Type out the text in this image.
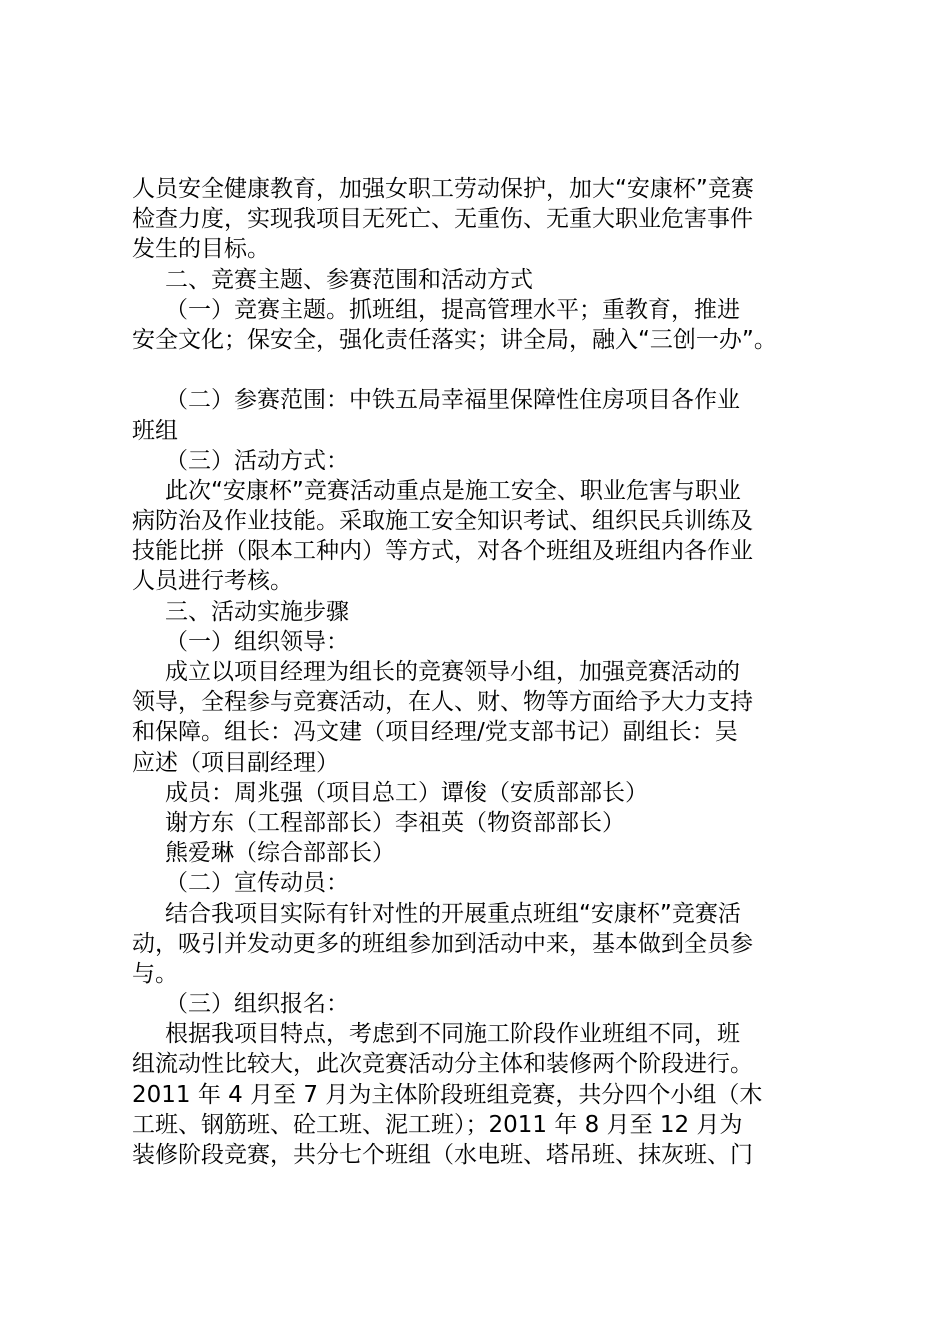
人员安全健康教育，加强女职工劳动保护，加大“安康杯”竞赛
检查力度，实现我项目无死亡、无重伤、无重大职业危害事件
发生的目标。
二、竞赛主题、参赛范围和活动方式
（一）竞赛主题。抓班组，提高管理水平；重教育，推进
安全文化；保安全，强化责任落实；讲全局，融入“三创一办”。
（二）参赛范围：中铁五局幸福里保障性住房项目各作业
班组
（三）活动方式：
此次“安康杯”竞赛活动重点是施工安全、职业危害与职业
病防治及作业技能。采取施工安全知识考试、组织民兵训练及
技能比拼（限本工种内）等方式，对各个班组及班组内各作业
人员进行考核。
三、活动实施步骤
（一）组织领导：
成立以项目经理为组长的竞赛领导小组，加强竞赛活动的
领导，全程参与竞赛活动，在人、财、物等方面给予大力支持
和保障。组长：冯文建（项目经理/党支部书记）副组长：吴
应述（项目副经理）
成员：周兆强（项目总工）谭俊（安质部部长）
谢方东（工程部部长）李祖英（物资部部长）
熊爱琳（综合部部长）
（二）宣传动员：
结合我项目实际有针对性的开展重点班组“安康杯”竞赛活
动，吸引并发动更多的班组参加到活动中来，基本做到全员参
与。
（三）组织报名：
根据我项目特点，考虑到不同施工阶段作业班组不同，班
组流动性比较大，此次竞赛活动分主体和装修两个阶段进行。
2011 年 4 月至 7 月为主体阶段班组竞赛，共分四个小组（木
工班、钢筋班、砼工班、泥工班）；2011 年 8 月至 12 月为
装修阶段竞赛，共分七个班组（水电班、塔吊班、抹灰班、门
